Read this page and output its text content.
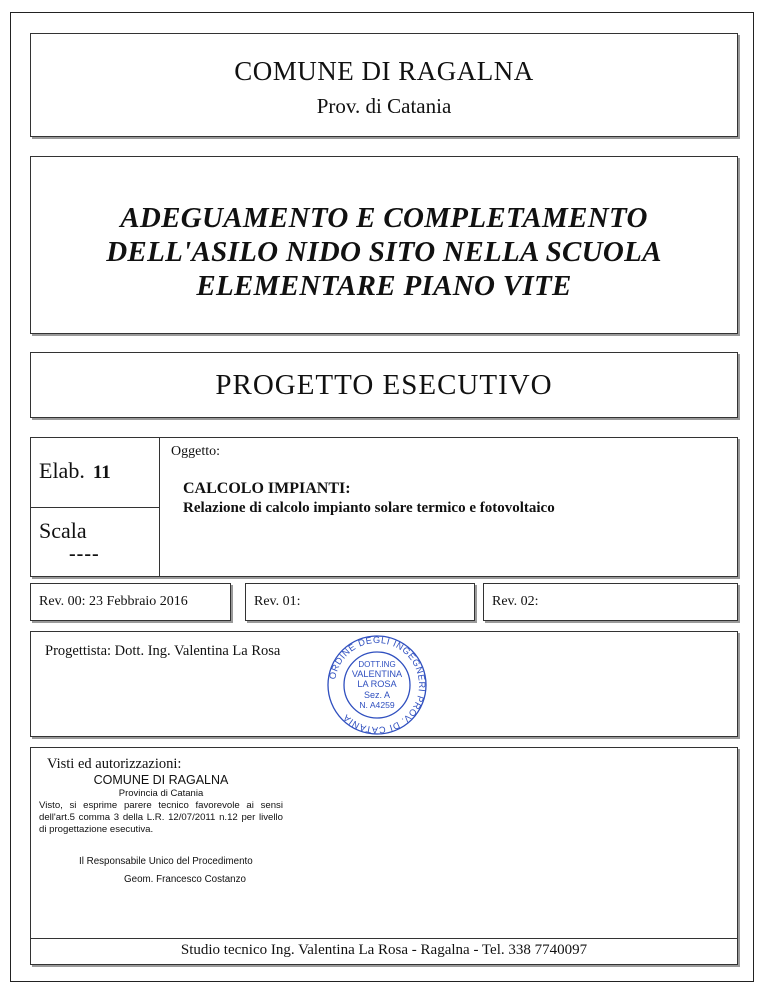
COMUNE DI RAGALNA
Prov. di Catania
ADEGUAMENTO E COMPLETAMENTO
DELL'ASILO NIDO SITO NELLA SCUOLA
ELEMENTARE PIANO VITE
PROGETTO ESECUTIVO
Elab. 11
Scala
----
Oggetto:
CALCOLO IMPIANTI:
Relazione di calcolo impianto solare termico e fotovoltaico
Rev. 00: 23 Febbraio 2016	Rev. 01:	Rev. 02:
Progettista: Dott. Ing. Valentina La Rosa
ORDINE DEGLI INGEGNERI PROV. DI CATANIA
DOTT.ING
VALENTINA
LA ROSA
Sez. A
N. A4259
Visti ed autorizzazioni:
COMUNE DI RAGALNA
Provincia di Catania
Visto, si esprime parere tecnico favorevole ai sensi dell'art.5 comma 3 della L.R. 12/07/2011 n.12 per livello di progettazione esecutiva.
Il Responsabile Unico del Procedimento
Geom. Francesco Costanzo
Studio tecnico Ing. Valentina La Rosa - Ragalna - Tel. 338 7740097
